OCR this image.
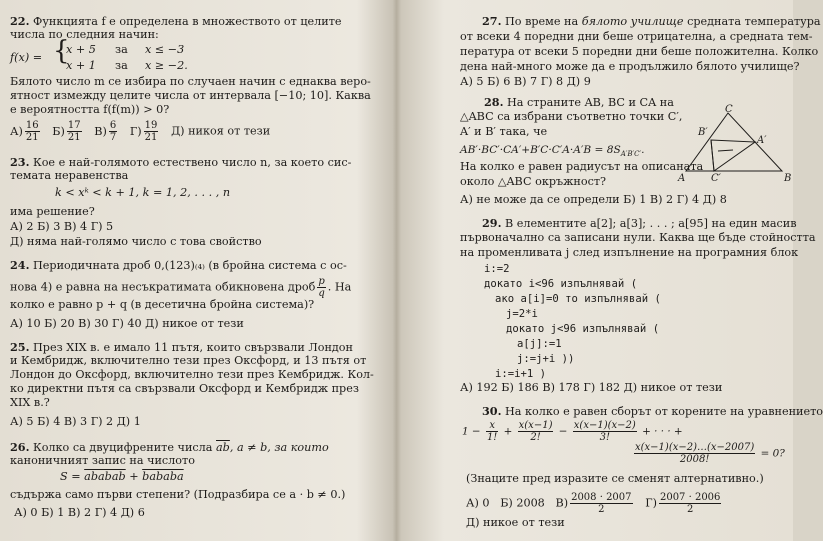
22. Функцията f е определена в множеството от целите
числа по следния начин:
f(x) = {
x + 5 за x ≤ −3
x + 1 за x ≥ −2.
Бялото число m се избира по случаен начин с еднаква веро-
ятност измежду целите числа от интервала [−10; 10]. Каква
е вероятността f(f(m)) > 0?
$А) \frac{16}{21} Б) \frac{17}{21} В) \frac{6}{7} Г) \frac{19}{21} Д$) никоя от тези
23. Кое е най-голямото естествено число n, за което сис-
темата неравенства
k < xᵏ < k + 1, k = 1, 2, . . . , n
има решение?
А) 2 Б) 3 В) 4 Г) 5
Д) няма най-голямо число с това свойство
24. Периодичната дроб 0,(123)₍₄₎ (в бройна система с ос-
нова 4) е равна на несъкратимата обикновена дроб $\frac{p}{q}$ . На
колко е равно p + q (в десетична бройна система)?
А) 10 Б) 20 В) 30 Г) 40 Д) никое от тези
25. През XIX в. е имало 11 пътя, които свързвали Лондон
и Кембридж, включително тези през Оксфорд, и 13 пътя от
Лондон до Оксфорд, включително тези през Кембридж. Кол-
ко директни пътя са свързвали Оксфорд и Кембридж през
XIX в.?
А) 5 Б) 4 В) 3 Г) 2 Д) 1
26. Колко са двуцифрените числа $\overline{ab}$, a ≠ b, за които
каноничният запис на числото
S = ababab + bababa
съдържа само първи степени? (Подразбира се a · b ≠ 0.)
А) 0 Б) 1 В) 2 Г) 4 Д) 6
27. По време на бялото училище средната температура
от всеки 4 поредни дни беше отрицателна, а средната тем-
пература от всеки 5 поредни дни беше положителна. Колко
дена най-много може да е продължило бялото училище?
А) 5 Б) 6 В) 7 Г) 8 Д) 9
28. На страните AB, BC и CA на
△ABC са избрани съответно точки C′,
A′ и B′ така, че
$AB'\cdot BC'\cdot CA'+B'C\cdot C'A\cdot A'B = 8S_{A'B'C'}$.
На колко е равен радиусът на описаната
около △ABC окръжност?
А) не може да се определи Б) 1 В) 2 Г) 4 Д) 8
A	B
C
A′
B′
C′
29. В елементите a[2]; a[3]; . . . ; a[95] на един масив
първоначално са записани нули. Каква ще бъде стойността
на променливата j след изпълнение на програмния блок
i:=2
докато i<96 изпълнявай (
ако a[i]=0 то изпълнявай (
j=2*i
докато j<96 изпълнявай (
a[j]:=1
j:=j+i ))
i:=i+1 )
А) 192 Б) 186 В) 178 Г) 182 Д) никое от тези
30. На колко е равен сборът от корените на уравнението
$1 - \frac{x}{1!} + \frac{x(x-1)}{2!} - \frac{x(x-1)(x-2)}{3!}$ + · · · +
$\frac{x(x-1)(x-2)\dots(x-2007)}{2008!} = 0$?
(Знаците пред изразите се сменят алтернативно.)
А) 0 Б) 2008 $В) \frac{2008 \cdot 2007}{2} Г) \frac{2007 \cdot 2006}{2}$
Д) никое от тези
